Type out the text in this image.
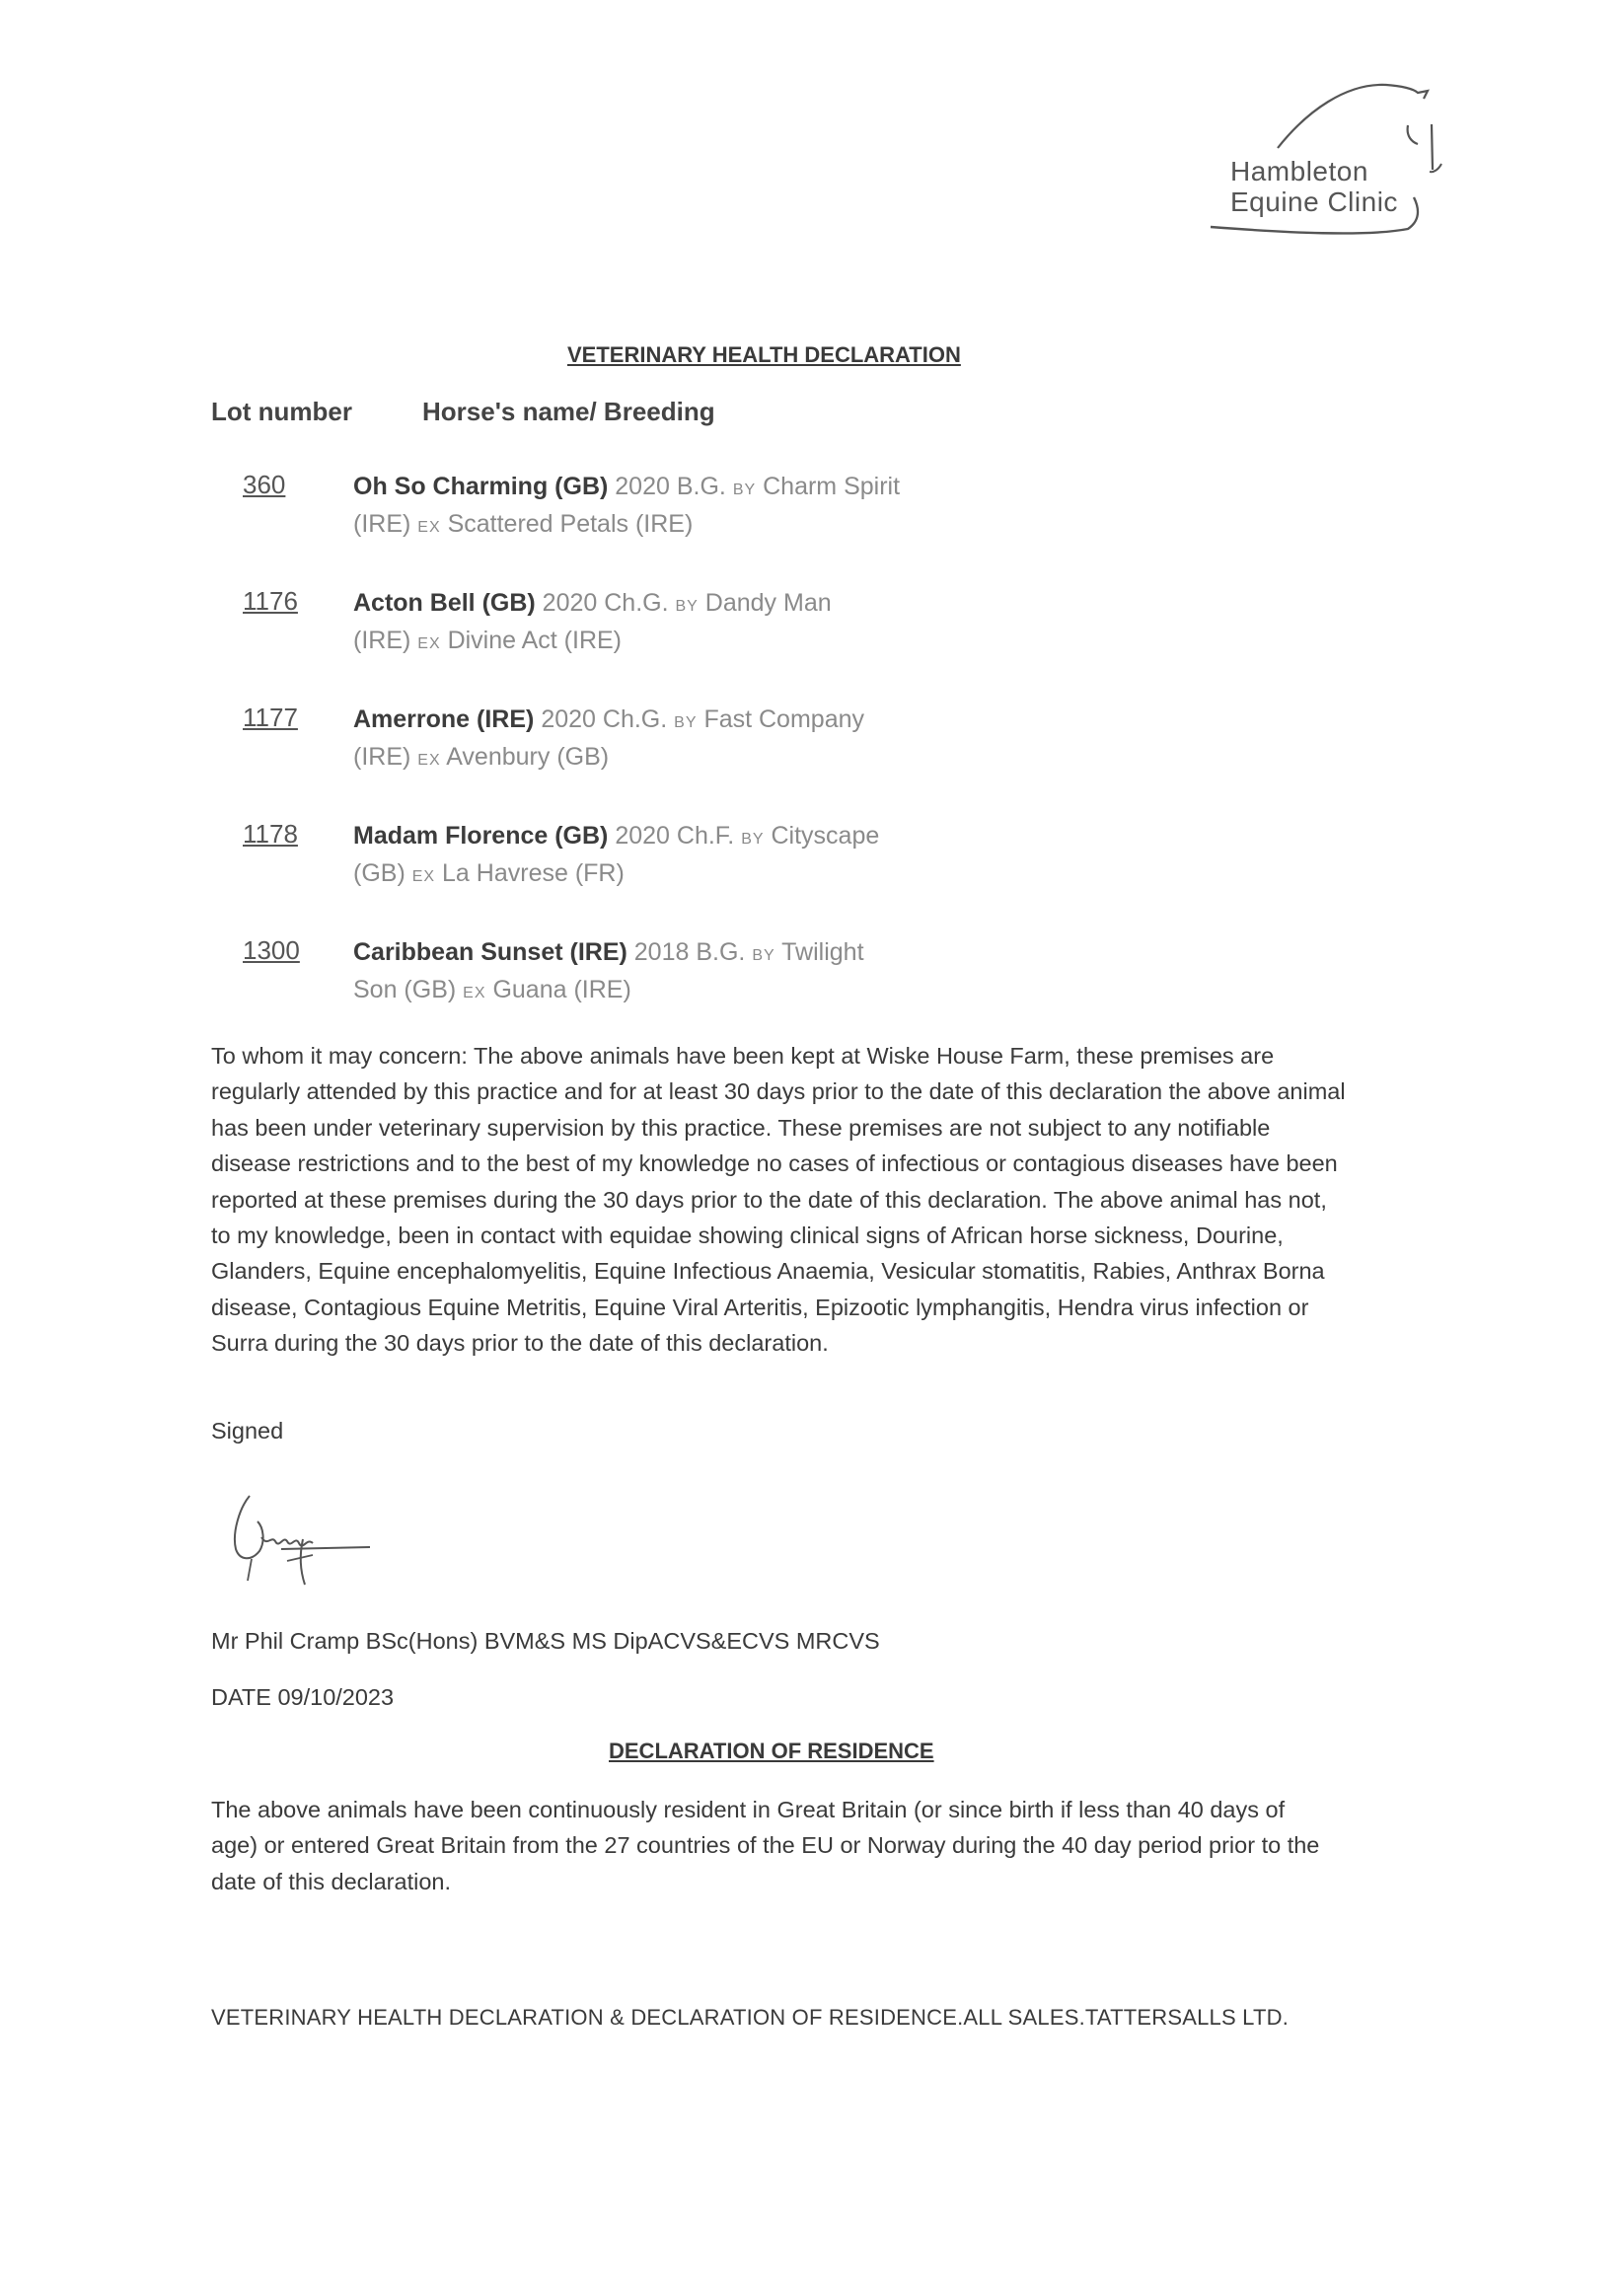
Hambleton
Equine Clinic
VETERINARY HEALTH DECLARATION
Lot number	Horse's name/ Breeding
360	Oh So Charming (GB) 2020 B.G. BY Charm Spirit
(IRE) EX Scattered Petals (IRE)
1176 Acton Bell (GB) 2020 Ch.G. BY Dandy Man
(IRE) EX Divine Act (IRE)
1177 Amerrone (IRE) 2020 Ch.G. BY Fast Company
(IRE) EX Avenbury (GB)
1178 Madam Florence (GB) 2020 Ch.F. BY Cityscape
(GB) EX La Havrese (FR)
1300 Caribbean Sunset (IRE) 2018 B.G. BY Twilight
Son (GB) EX Guana (IRE)
To whom it may concern: The above animals have been kept at Wiske House Farm, these premises are regularly attended by this practice and for at least 30 days prior to the date of this declaration the above animal has been under veterinary supervision by this practice. These premises are not subject to any notifiable disease restrictions and to the best of my knowledge no cases of infectious or contagious diseases have been reported at these premises during the 30 days prior to the date of this declaration. The above animal has not, to my knowledge, been in contact with equidae showing clinical signs of African horse sickness, Dourine, Glanders, Equine encephalomyelitis, Equine Infectious Anaemia, Vesicular stomatitis, Rabies, Anthrax Borna disease, Contagious Equine Metritis, Equine Viral Arteritis, Epizootic lymphangitis, Hendra virus infection or Surra during the 30 days prior to the date of this declaration.
Signed
Mr Phil Cramp BSc(Hons) BVM&S MS DipACVS&ECVS MRCVS
DATE 09/10/2023
DECLARATION OF RESIDENCE
The above animals have been continuously resident in Great Britain (or since birth if less than 40 days of age) or entered Great Britain from the 27 countries of the EU or Norway during the 40 day period prior to the date of this declaration.
VETERINARY HEALTH DECLARATION & DECLARATION OF RESIDENCE.ALL SALES.TATTERSALLS LTD.
